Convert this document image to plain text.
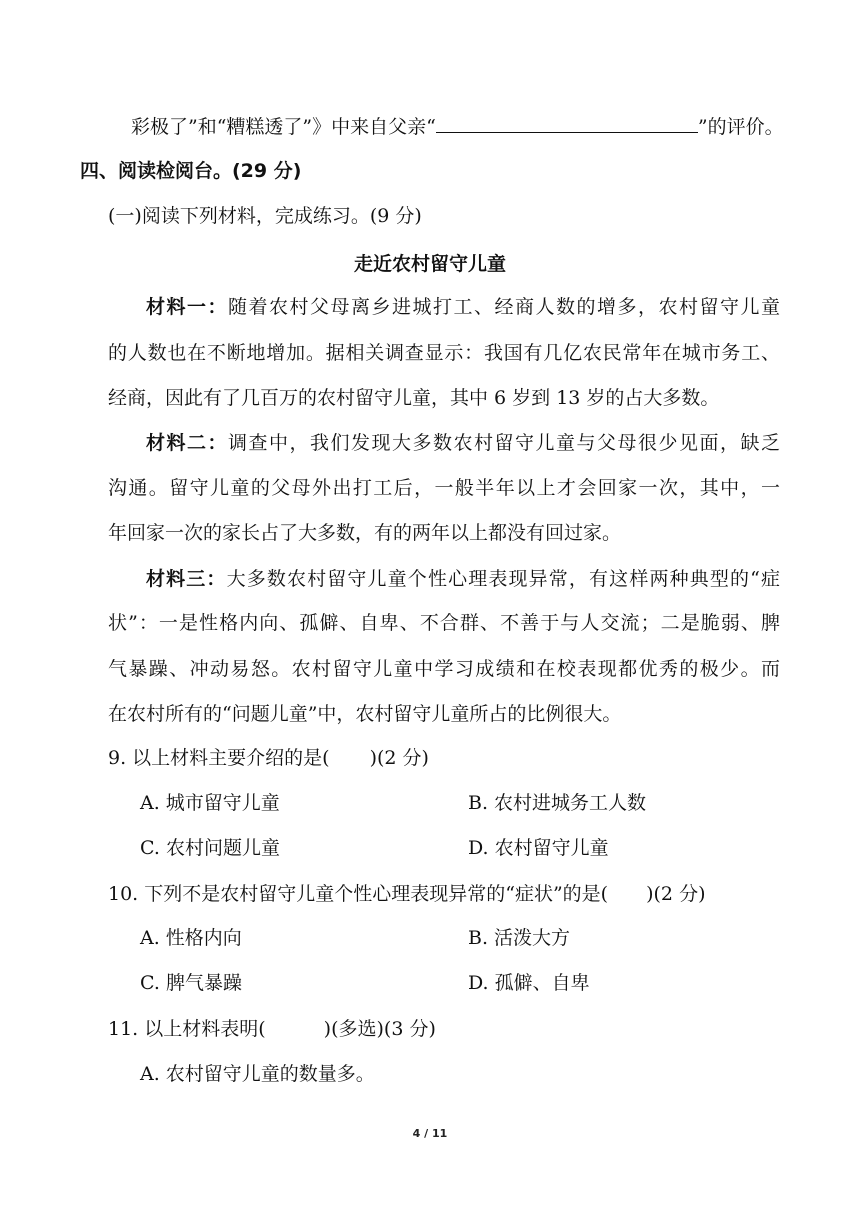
彩极了”和“糟糕透了”》中来自父亲“	”的评价。
四、阅读检阅台。(29 分)
(一)阅读下列材料，完成练习。(9 分)
走近农村留守儿童
材料一：随着农村父母离乡进城打工、经商人数的增多，农村留守儿童
的人数也在不断地增加。据相关调查显示：我国有几亿农民常年在城市务工、
经商，因此有了几百万的农村留守儿童，其中 6 岁到 13 岁的占大多数。
材料二：调查中，我们发现大多数农村留守儿童与父母很少见面，缺乏
沟通。留守儿童的父母外出打工后，一般半年以上才会回家一次，其中，一
年回家一次的家长占了大多数，有的两年以上都没有回过家。
材料三：大多数农村留守儿童个性心理表现异常，有这样两种典型的“症
状”：一是性格内向、孤僻、自卑、不合群、不善于与人交流；二是脆弱、脾
气暴躁、冲动易怒。农村留守儿童中学习成绩和在校表现都优秀的极少。而
在农村所有的“问题儿童”中，农村留守儿童所占的比例很大。
9. 以上材料主要介绍的是( )(2 分)
A. 城市留守儿童	B. 农村进城务工人数
C. 农村问题儿童	D. 农村留守儿童
10. 下列不是农村留守儿童个性心理表现异常的“症状”的是( )(2 分)
A. 性格内向	B. 活泼大方
C. 脾气暴躁	D. 孤僻、自卑
11. 以上材料表明(	)(多选)(3 分)
A. 农村留守儿童的数量多。
4 / 11
